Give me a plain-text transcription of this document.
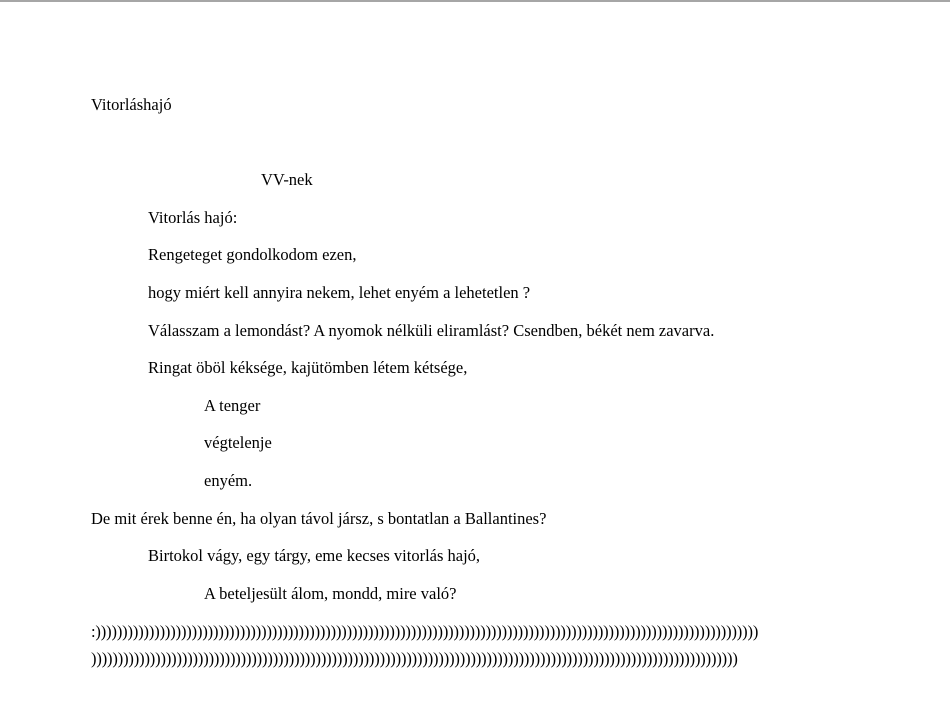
Vitorláshajó
VV-nek
Vitorlás hajó:
Rengeteget gondolkodom ezen,
hogy miért kell annyira nekem, lehet enyém a lehetetlen ?
Válasszam a lemondást? A nyomok nélküli eliramlást? Csendben, békét nem zavarva.
Ringat öböl kéksége, kajütömben létem kétsége,
A tenger
végtelenje
enyém.
De mit érek benne én, ha olyan távol jársz, s bontatlan a Ballantines?
Birtokol vágy, egy tárgy, eme kecses vitorlás hajó,
A beteljesült álom, mondd, mire való?
:))))))))))))))))))))))))))))))))))))))))))))))))))))))))))))))))))))))))))))))))))))))))))))))))))))))))))))))))))))))))))))
)))))))))))))))))))))))))))))))))))))))))))))))))))))))))))))))))))))))))))))))))))))))))))))))))))))))))))))))))))))))))
